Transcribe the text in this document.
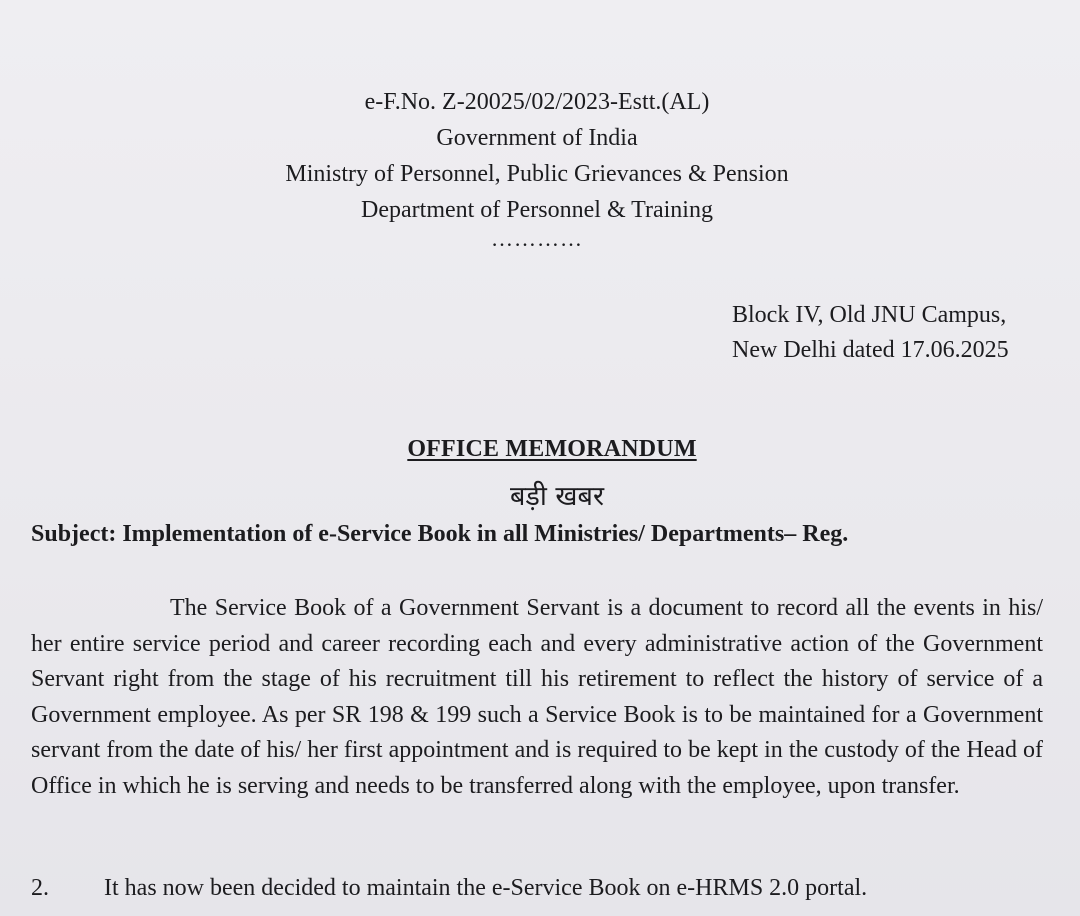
e-F.No. Z-20025/02/2023-Estt.(AL)
Government of India
Ministry of Personnel, Public Grievances & Pension
Department of Personnel & Training
…………
Block IV, Old JNU Campus,
New Delhi dated 17.06.2025
OFFICE MEMORANDUM
बड़ी खबर
Subject: Implementation of e-Service Book in all Ministries/ Departments– Reg.
The Service Book of a Government Servant is a document to record all the events in his/ her entire service period and career recording each and every administrative action of the Government Servant right from the stage of his recruitment till his retirement to reflect the history of service of a Government employee. As per SR 198 & 199 such a Service Book is to be maintained for a Government servant from the date of his/ her first appointment and is required to be kept in the custody of the Head of Office in which he is serving and needs to be transferred along with the employee, upon transfer.
2. It has now been decided to maintain the e-Service Book on e-HRMS 2.0 portal.
